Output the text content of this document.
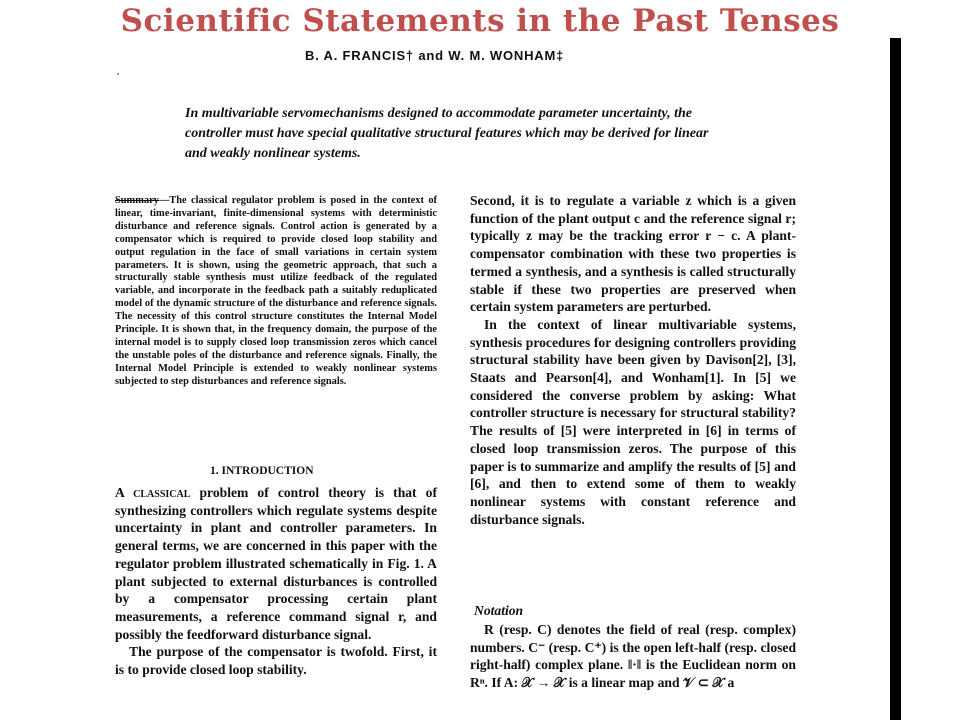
Scientific Statements in the Past Tenses
B. A. FRANCIS† and W. M. WONHAM‡
In multivariable servomechanisms designed to accommodate parameter uncertainty, the controller must have special qualitative structural features which may be derived for linear and weakly nonlinear systems.
Summary—The classical regulator problem is posed in the context of linear, time-invariant, finite-dimensional systems with deterministic disturbance and reference signals. Control action is generated by a compensator which is required to provide closed loop stability and output regulation in the face of small variations in certain system parameters. It is shown, using the geometric approach, that such a structurally stable synthesis must utilize feedback of the regulated variable, and incorporate in the feedback path a suitably reduplicated model of the dynamic structure of the disturbance and reference signals. The necessity of this control structure constitutes the Internal Model Principle. It is shown that, in the frequency domain, the purpose of the internal model is to supply closed loop transmission zeros which cancel the unstable poles of the disturbance and reference signals. Finally, the Internal Model Principle is extended to weakly nonlinear systems subjected to step disturbances and reference signals.
1. INTRODUCTION

A classical problem of control theory is that of synthesizing controllers which regulate systems despite uncertainty in plant and controller parameters. In general terms, we are concerned in this paper with the regulator problem illustrated schematically in Fig. 1. A plant subjected to external disturbances is controlled by a compensator processing certain plant measurements, a reference command signal r, and possibly the feedforward disturbance signal.

The purpose of the compensator is twofold. First, it is to provide closed loop stability.

Second, it is to regulate a variable z which is a given function of the plant output c and the reference signal r; typically z may be the tracking error r − c. A plant-compensator combination with these two properties is termed a synthesis, and a synthesis is called structurally stable if these two properties are preserved when certain system parameters are perturbed.

In the context of linear multivariable systems, synthesis procedures for designing controllers providing structural stability have been given by Davison[2], [3], Staats and Pearson[4], and Wonham[1]. In [5] we considered the converse problem by asking: What controller structure is necessary for structural stability? The results of [5] were interpreted in [6] in terms of closed loop transmission zeros. The purpose of this paper is to summarize and amplify the results of [5] and [6], and then to extend some of them to weakly nonlinear systems with constant reference and disturbance signals.

Notation
R (resp. C) denotes the field of real (resp. complex) numbers. C⁻ (resp. C⁺) is the open left-half (resp. closed right-half) complex plane. ‖·‖ is the Euclidean norm on Rⁿ. If A: 𝒳 → 𝒳 is a linear map and 𝒱 ⊂ 𝒳 a
